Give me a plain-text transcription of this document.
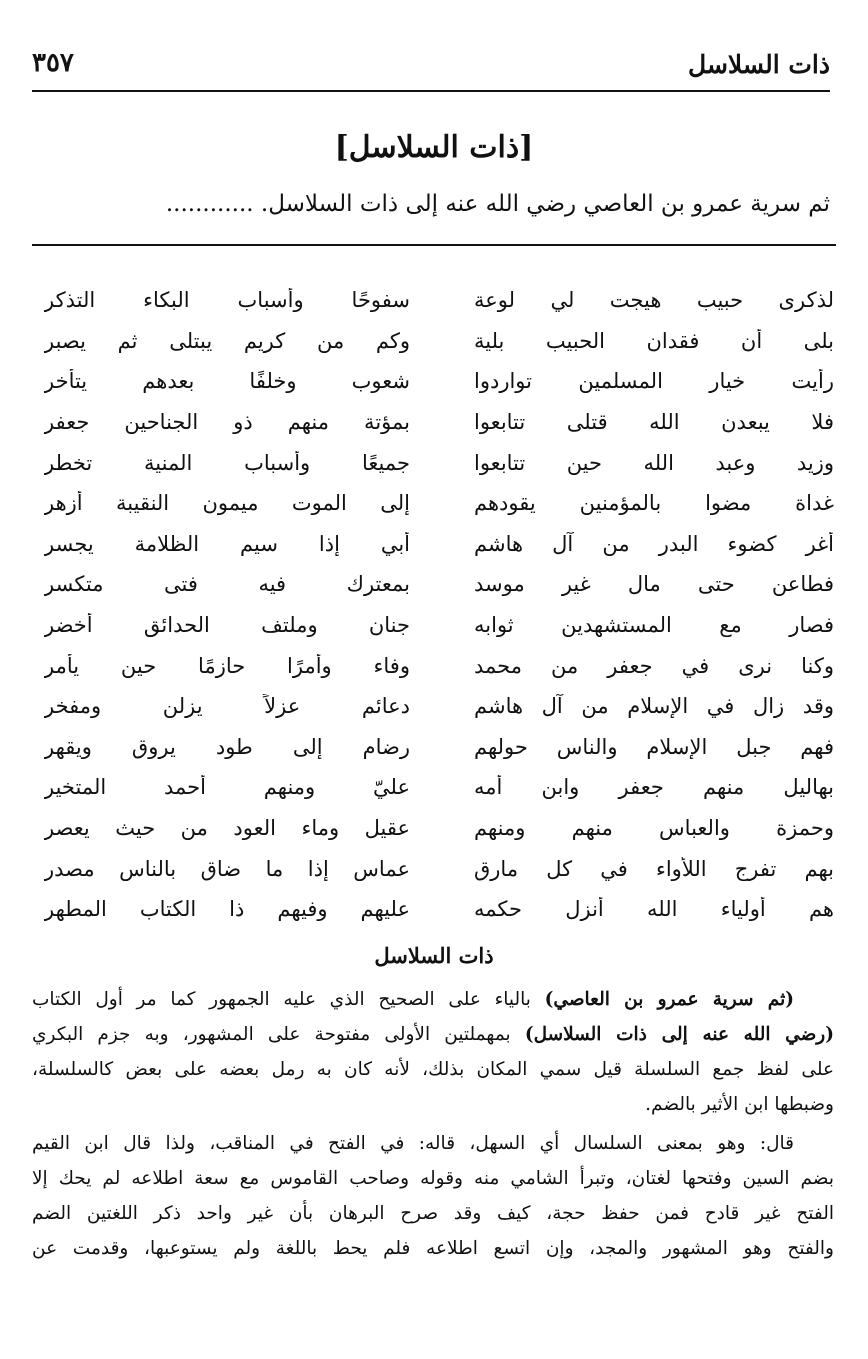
ذات السلاسل
٣٥٧
[ذات السلاسل]
ثم سرية عمرو بن العاصي رضي الله عنه إلى ذات السلاسل. ............
لذكرى حبيب هيجت لي لوعة
سفوحًا وأسباب البكاء التذكر
بلى أن فقدان الحبيب بلية
وكم من كريم يبتلى ثم يصبر
رأيت خيار المسلمين تواردوا
شعوب وخلفًا بعدهم يتأخر
فلا يبعدن الله قتلى تتابعوا
بمؤتة منهم ذو الجناحين جعفر
وزيد وعبد الله حين تتابعوا
جميعًا وأسباب المنية تخطر
غداة مضوا بالمؤمنين يقودهم
إلى الموت ميمون النقيبة أزهر
أغر كضوء البدر من آل هاشم
أبي إذا سيم الظلامة يجسر
فطاعن حتى مال غير موسد
بمعترك فيه فتى متكسر
فصار مع المستشهدين ثوابه
جنان وملتف الحدائق أخضر
وكنا نرى في جعفر من محمد
وفاء وأمرًا حازمًا حين يأمر
وقد زال في الإسلام من آل هاشم
دعائم عزلاً يزلن ومفخر
فهم جبل الإسلام والناس حولهم
رضام إلى طود يروق ويقهر
بهاليل منهم جعفر وابن أمه
عليّ ومنهم أحمد المتخير
وحمزة والعباس منهم ومنهم
عقيل وماء العود من حيث يعصر
بهم تفرج اللأواء في كل مارق
عماس إذا ما ضاق بالناس مصدر
هم أولياء الله أنزل حكمه
عليهم وفيهم ذا الكتاب المطهر
ذات السلاسل

(ثم سرية عمرو بن العاصي) بالياء على الصحيح الذي عليه الجمهور كما مر أول الكتاب
(رضي الله عنه إلى ذات السلاسل) بمهملتين الأولى مفتوحة على المشهور، وبه جزم البكري
على لفظ جمع السلسلة قيل سمي المكان بذلك، لأنه كان به رمل بعضه على بعض كالسلسلة،
وضبطها ابن الأثير بالضم.

قال: وهو بمعنى السلسال أي السهل، قاله: في الفتح في المناقب، ولذا قال ابن القيم
بضم السين وفتحها لغتان، وتبرأ الشامي منه وقوله وصاحب القاموس مع سعة اطلاعه لم يحك إلا
الفتح غير قادح فمن حفظ حجة، كيف وقد صرح البرهان بأن غير واحد ذكر اللغتين الضم
والفتح وهو المشهور والمجد، وإن اتسع اطلاعه فلم يحط باللغة ولم يستوعبها، وقدمت عن
